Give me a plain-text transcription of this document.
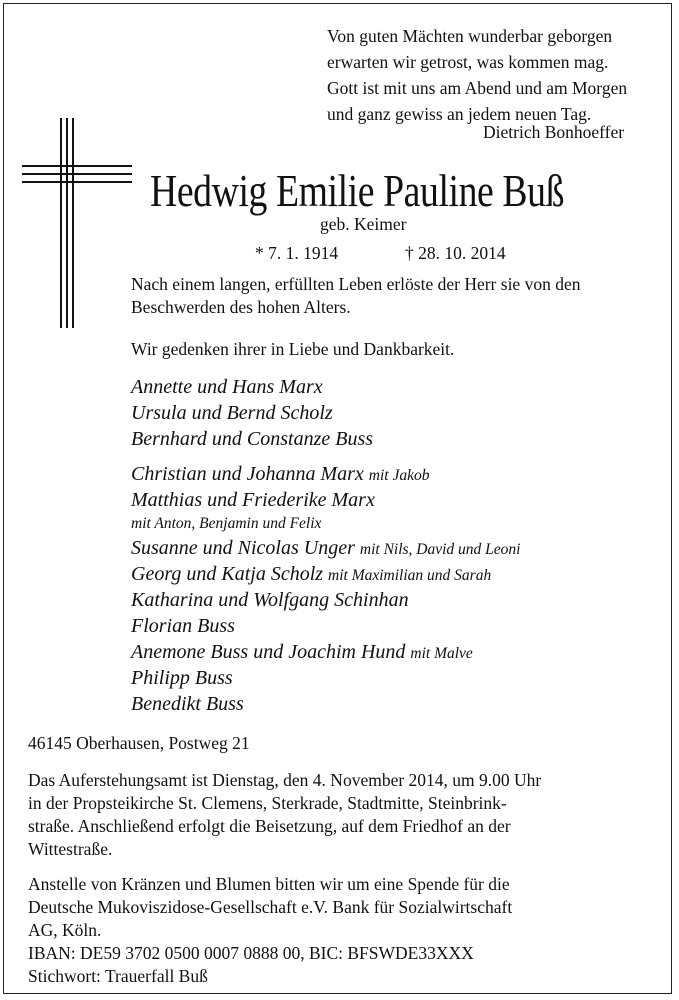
Von guten Mächten wunderbar geborgen
erwarten wir getrost, was kommen mag.
Gott ist mit uns am Abend und am Morgen
und ganz gewiss an jedem neuen Tag.
Dietrich Bonhoeffer
Hedwig Emilie Pauline Buß
geb. Keimer
* 7. 1. 1914	† 28. 10. 2014
Nach einem langen, erfüllten Leben erlöste der Herr sie von den Beschwerden des hohen Alters.
Wir gedenken ihrer in Liebe und Dankbarkeit.
Annette und Hans Marx
Ursula und Bernd Scholz
Bernhard und Constanze Buss
Christian und Johanna Marx mit Jakob
Matthias und Friederike Marx
mit Anton, Benjamin und Felix
Susanne und Nicolas Unger mit Nils, David und Leoni
Georg und Katja Scholz mit Maximilian und Sarah
Katharina und Wolfgang Schinhan
Florian Buss
Anemone Buss und Joachim Hund mit Malve
Philipp Buss
Benedikt Buss
46145 Oberhausen, Postweg 21
Das Auferstehungsamt ist Dienstag, den 4. November 2014, um 9.00 Uhr
in der Propsteikirche St. Clemens, Sterkrade, Stadtmitte, Steinbrink-
straße. Anschließend erfolgt die Beisetzung, auf dem Friedhof an der
Wittestraße.
Anstelle von Kränzen und Blumen bitten wir um eine Spende für die
Deutsche Mukoviszidose-Gesellschaft e.V. Bank für Sozialwirtschaft
AG, Köln.
IBAN: DE59 3702 0500 0007 0888 00, BIC: BFSWDE33XXX
Stichwort: Trauerfall Buß
